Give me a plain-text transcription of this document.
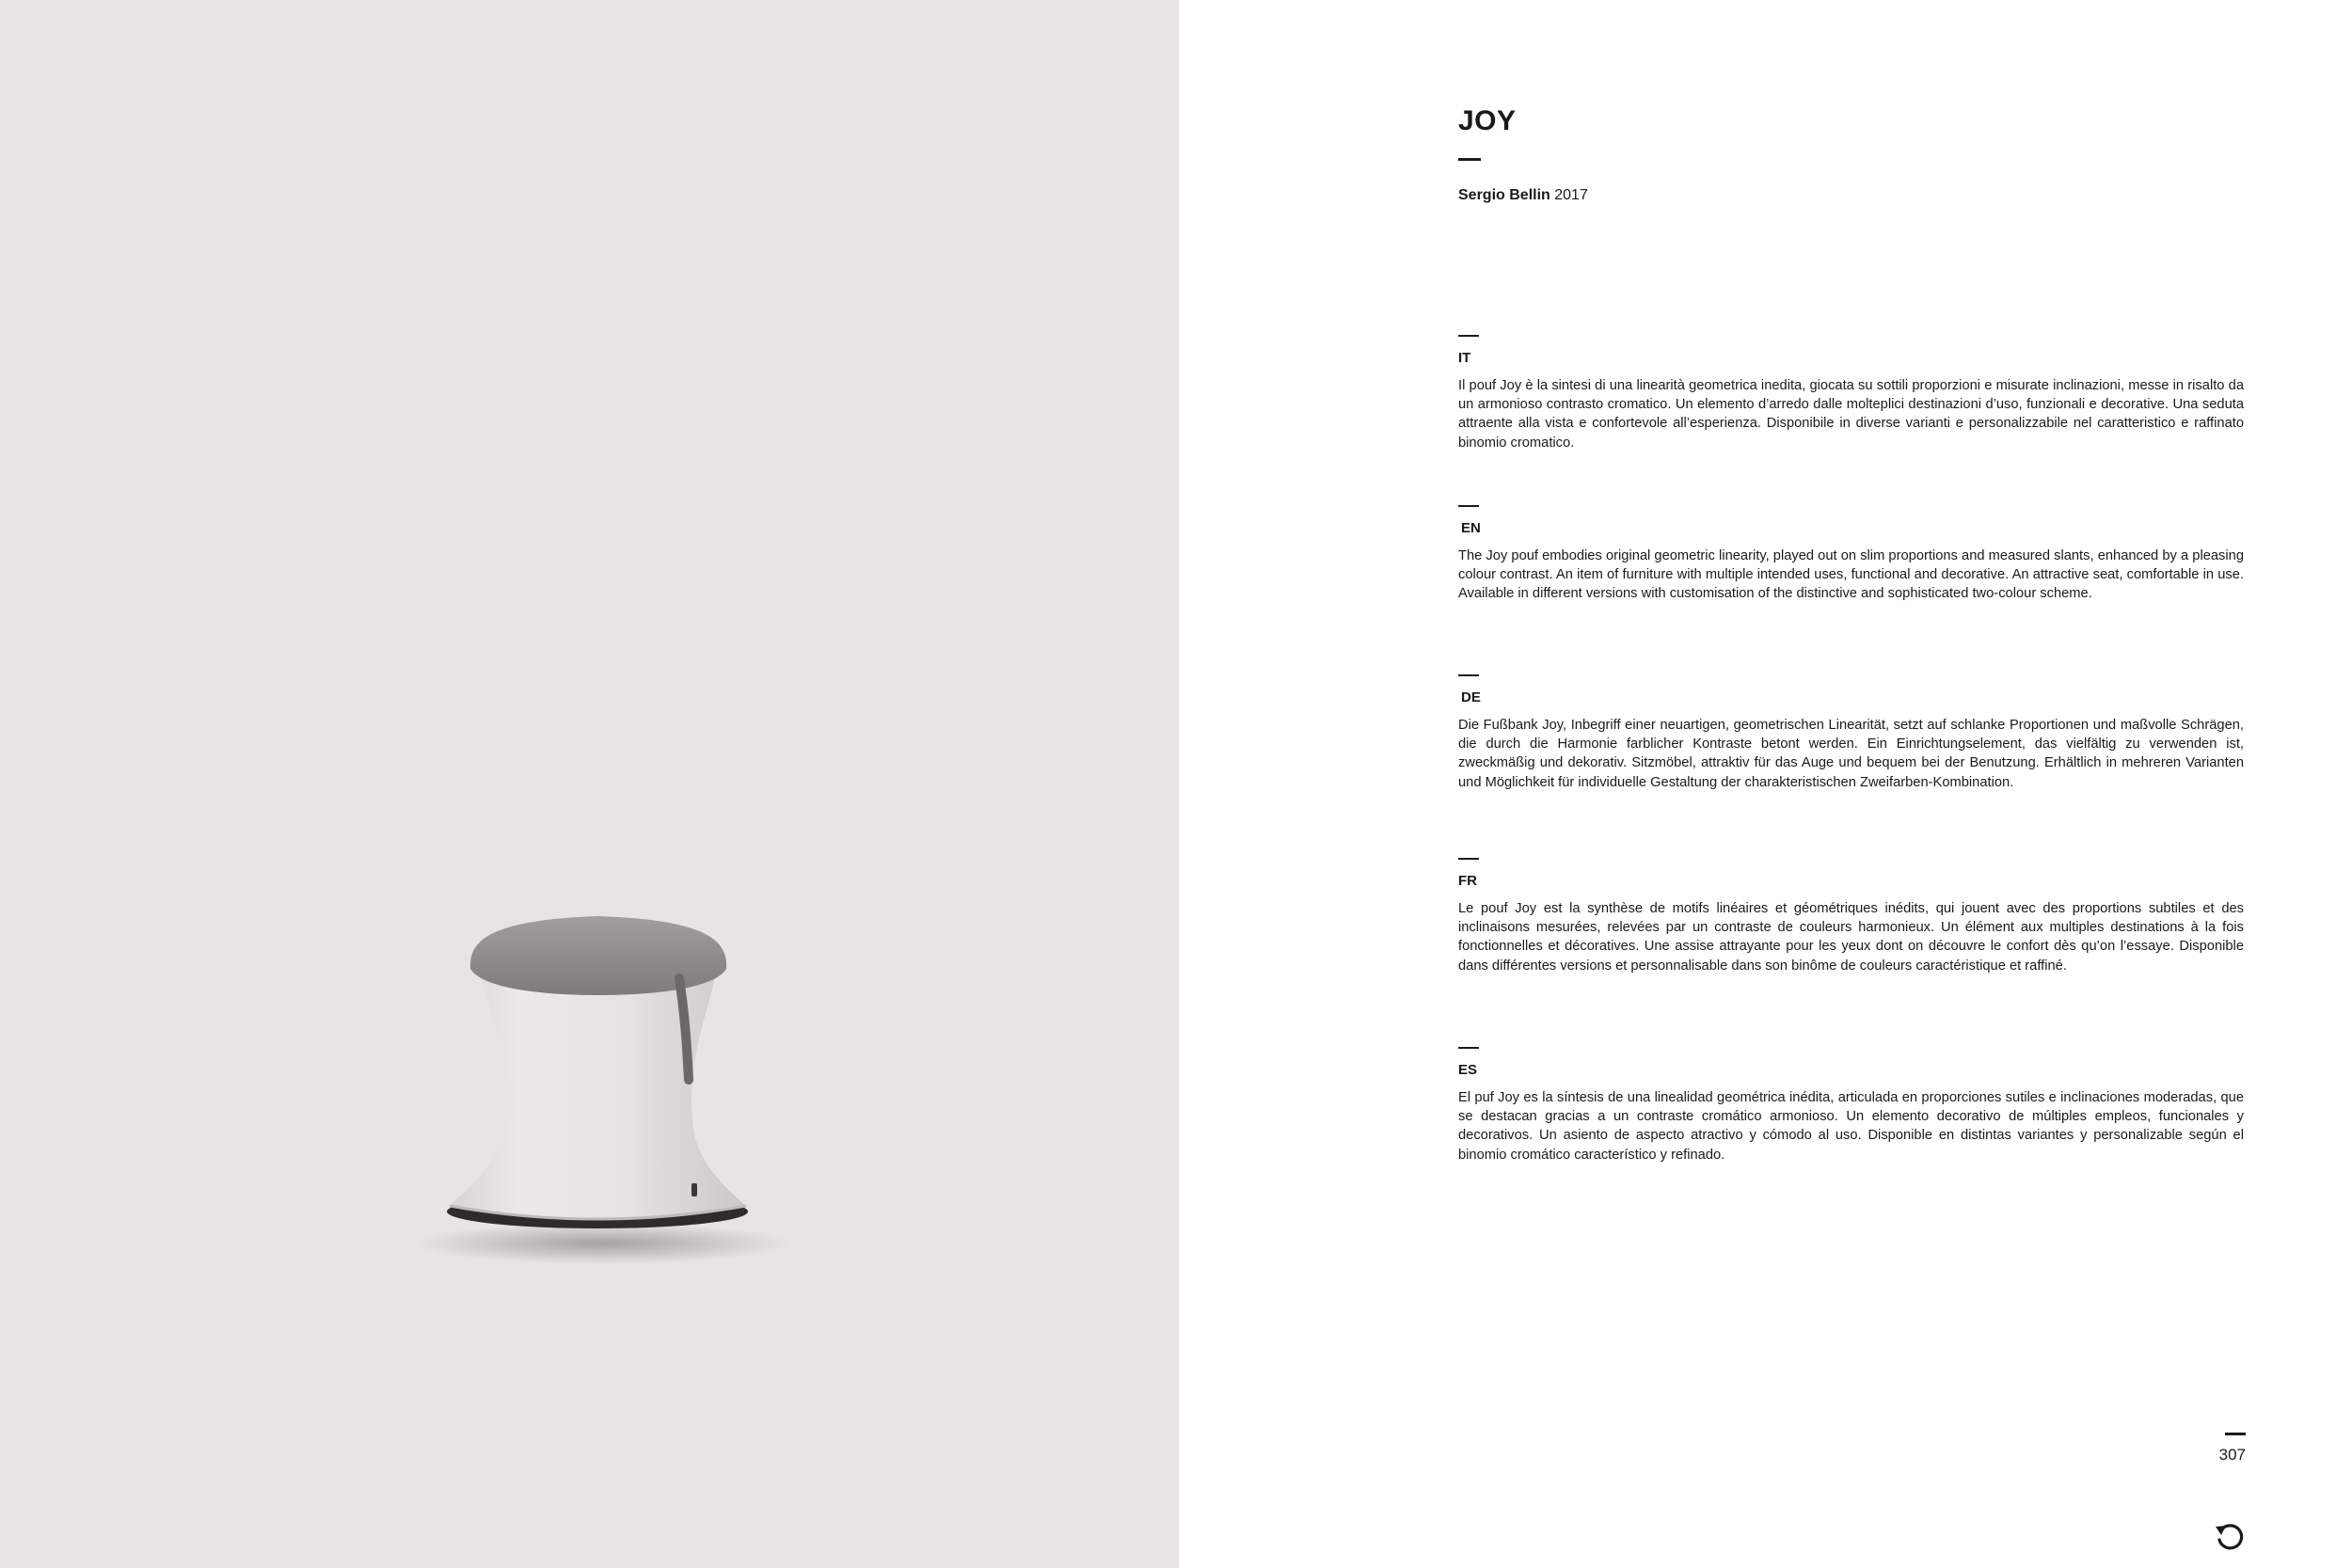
JOY
Sergio Bellin 2017
IT

Il pouf Joy è la sintesi di una linearità geometrica inedita, giocata su sottili proporzioni e misurate inclinazioni, messe in risalto da un armonioso contrasto cromatico. Un elemento d’arredo dalle molteplici destinazioni d’uso, funzionali e decorative. Una seduta attraente alla vista e confortevole all’esperienza. Disponibile in diverse varianti e personalizzabile nel caratteristico e raffinato binomio cromatico.

EN

The Joy pouf embodies original geometric linearity, played out on slim proportions and measured slants, enhanced by a pleasing colour contrast. An item of furniture with multiple intended uses, functional and decorative. An attractive seat, comfortable in use. Available in different versions with customisation of the distinctive and sophisticated two-colour scheme.

DE

Die Fußbank Joy, Inbegriff einer neuartigen, geometrischen Linearität, setzt auf schlanke Proportionen und maßvolle Schrägen, die durch die Harmonie farblicher Kontraste betont werden. Ein Einrichtungselement, das vielfältig zu verwenden ist, zweckmäßig und dekorativ. Sitzmöbel, attraktiv für das Auge und bequem bei der Benutzung. Erhältlich in mehreren Varianten und Möglichkeit für individuelle Gestaltung der charakteristischen Zweifarben-Kombination.

FR

Le pouf Joy est la synthèse de motifs linéaires et géométriques inédits, qui jouent avec des proportions subtiles et des inclinaisons mesurées, relevées par un contraste de couleurs harmonieux. Un élément aux multiples destinations à la fois fonctionnelles et décoratives. Une assise attrayante pour les yeux dont on découvre le confort dès qu’on l’essaye. Disponible dans différentes versions et personnalisable dans son binôme de couleurs caractéristique et raffiné.

ES

El puf Joy es la síntesis de una linealidad geométrica inédita, articulada en proporciones sutiles e inclinaciones moderadas, que se destacan gracias a un contraste cromático armonioso. Un elemento decorativo de múltiples empleos, funcionales y decorativos. Un asiento de aspecto atractivo y cómodo al uso. Disponible en distintas variantes y personalizable según el binomio cromático característico y refinado.

307
